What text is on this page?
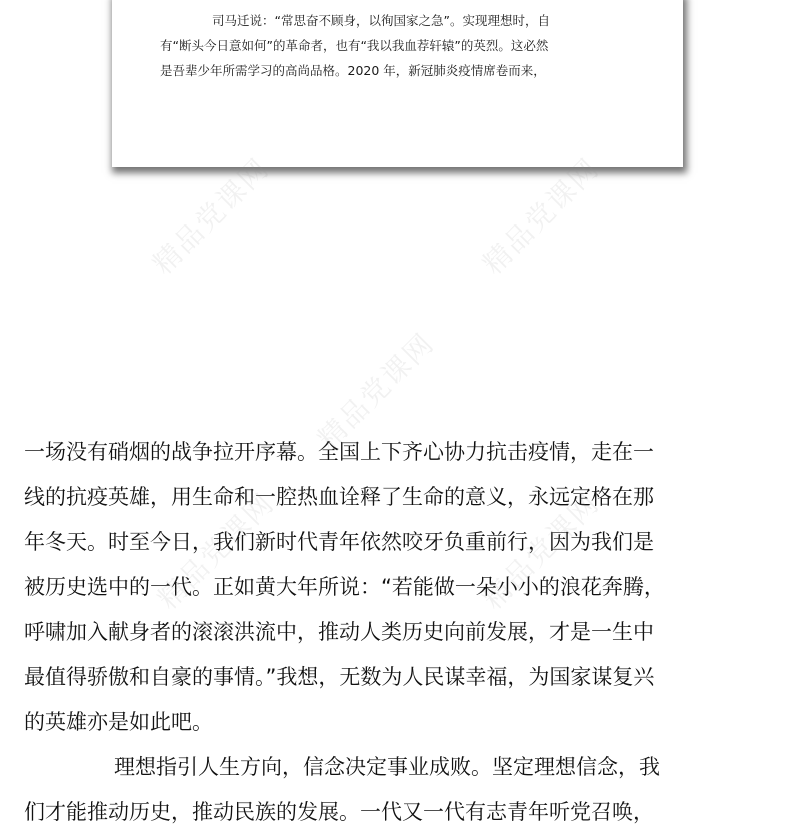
司马迁说：“常思奋不顾身，以徇国家之急”。实现理想时，自
有“断头今日意如何”的革命者，也有“我以我血荐轩辕”的英烈。这必然
是吾辈少年所需学习的高尚品格。2020 年，新冠肺炎疫情席卷而来，
一场没有硝烟的战争拉开序幕。全国上下齐心协力抗击疫情，走在一
线的抗疫英雄，用生命和一腔热血诠释了生命的意义，永远定格在那
年冬天。时至今日，我们新时代青年依然咬牙负重前行，因为我们是
被历史选中的一代。正如黄大年所说：“若能做一朵小小的浪花奔腾，
呼啸加入献身者的滚滚洪流中，推动人类历史向前发展，才是一生中
最值得骄傲和自豪的事情。”我想，无数为人民谋幸福，为国家谋复兴
的英雄亦是如此吧。
理想指引人生方向，信念决定事业成败。坚定理想信念，我
们才能推动历史，推动民族的发展。一代又一代有志青年听党召唤，
精品党课网	精品党课网
精品党课网
精品党课网	精品党课网
